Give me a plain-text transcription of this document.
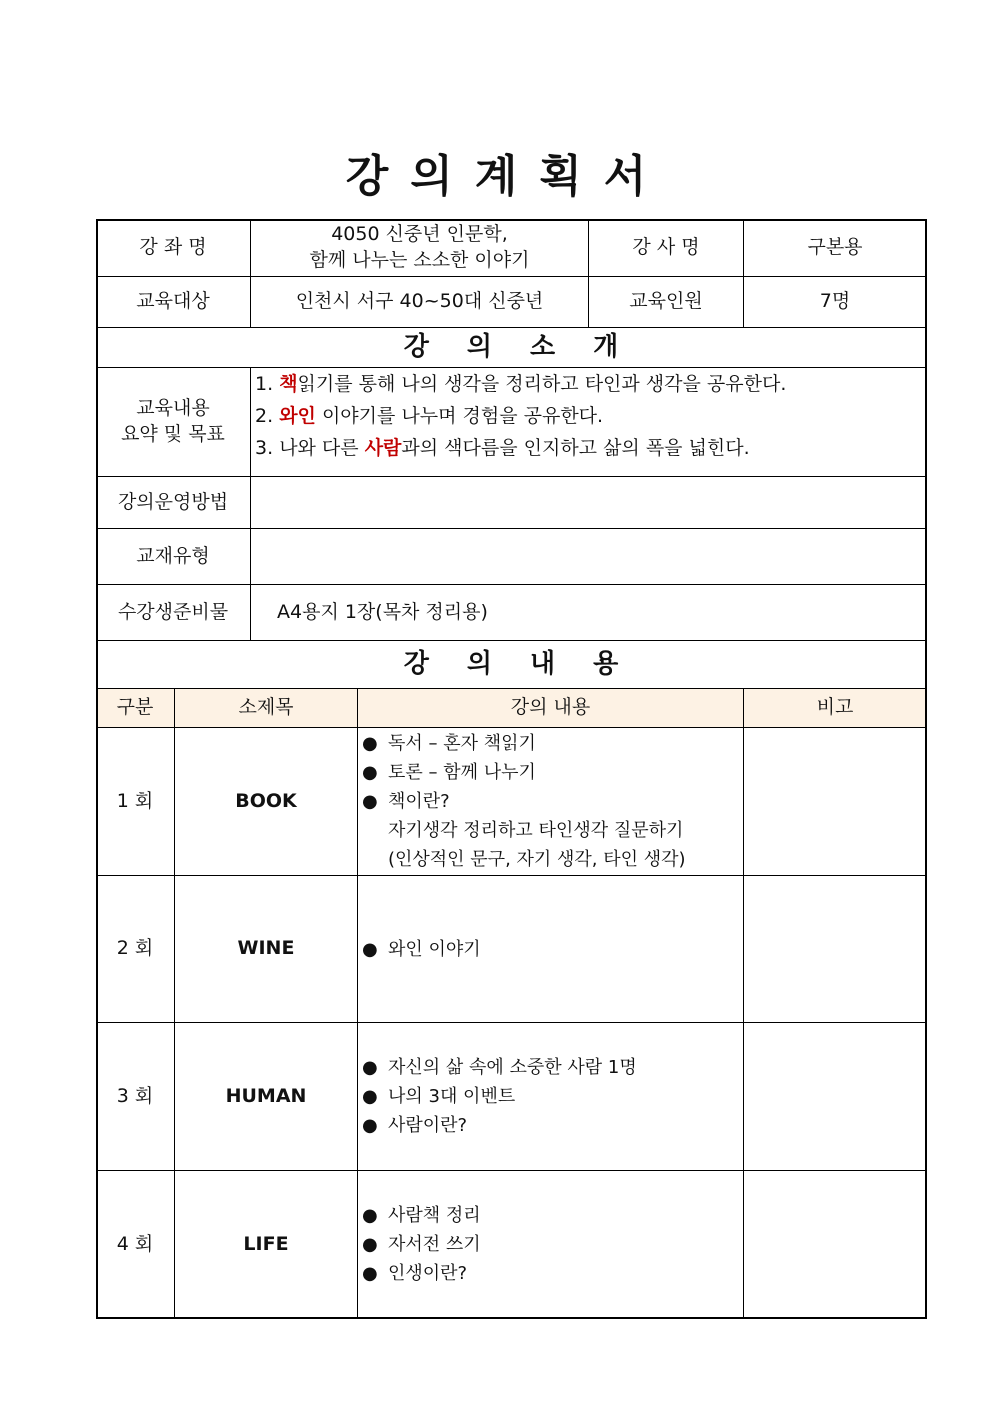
강의계획서
강 좌 명
4050 신중년 인문학,
함께 나누는 소소한 이야기
강 사 명	구본용
교육대상	인천시 서구 40~50대 신중년	교육인원	7명
강의소개
교육내용
요약 및 목표
1. 책읽기를 통해 나의 생각을 정리하고 타인과 생각을 공유한다.
2. 와인 이야기를 나누며 경험을 공유한다.
3. 나와 다른 사람과의 색다름을 인지하고 삶의 폭을 넓힌다.
강의운영방법
교재유형
수강생준비물	A4용지 1장(목차 정리용)
강의내용
구분	소제목	강의 내용	비고
1 회	BOOK
● 독서 – 혼자 책읽기
● 토론 – 함께 나누기
● 책이란?
자기생각 정리하고 타인생각 질문하기
(인상적인 문구, 자기 생각, 타인 생각)
2 회	WINE
●	와인 이야기
3 회	HUMAN
● 자신의 삶 속에 소중한 사람 1명
● 나의 3대 이벤트
● 사람이란?
4 회	LIFE
● 사람책 정리
● 자서전 쓰기
● 인생이란?
